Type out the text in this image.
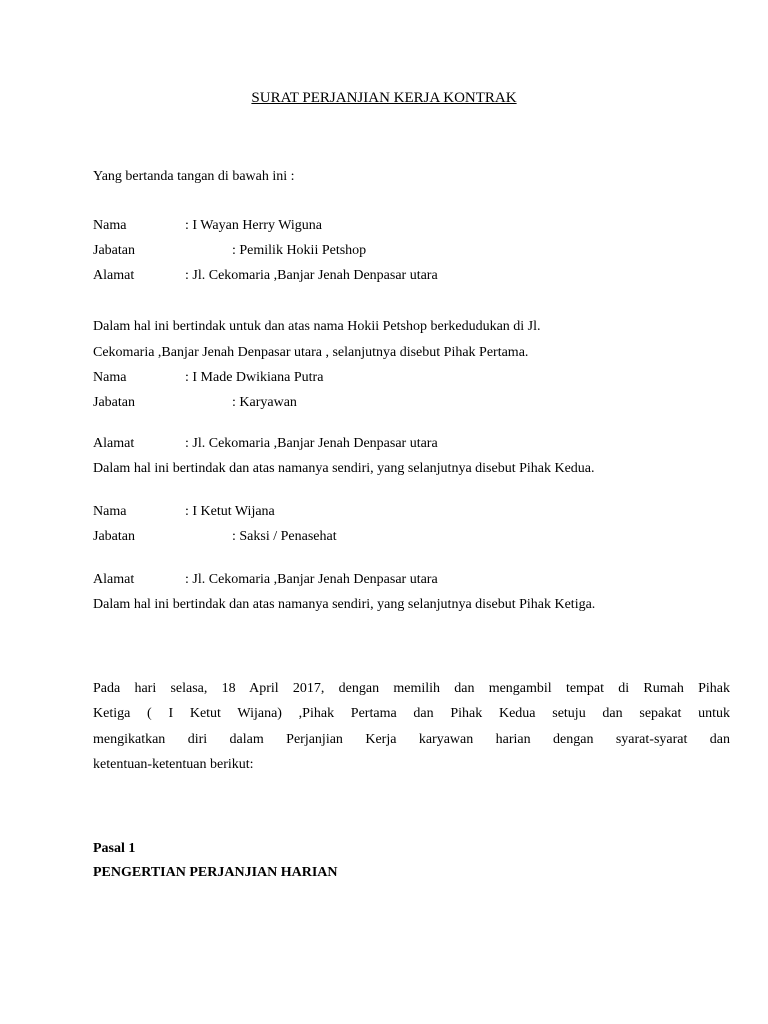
SURAT PERJANJIAN KERJA KONTRAK
Yang bertanda tangan di bawah ini :
Nama	: I Wayan Herry Wiguna
Jabatan	: Pemilik Hokii Petshop
Alamat	: Jl. Cekomaria ,Banjar Jenah Denpasar utara
Dalam hal ini bertindak untuk dan atas nama Hokii Petshop berkedudukan di Jl.
Cekomaria ,Banjar Jenah Denpasar utara , selanjutnya disebut Pihak Pertama.
Nama	: I Made Dwikiana Putra
Jabatan	: Karyawan
Alamat	: Jl. Cekomaria ,Banjar Jenah Denpasar utara
Dalam hal ini bertindak dan atas namanya sendiri, yang selanjutnya disebut Pihak Kedua.
Nama	: I Ketut Wijana
Jabatan	: Saksi / Penasehat
Alamat	: Jl. Cekomaria ,Banjar Jenah Denpasar utara
Dalam hal ini bertindak dan atas namanya sendiri, yang selanjutnya disebut Pihak Ketiga.
Pada hari selasa, 18 April 2017, dengan memilih dan mengambil tempat di Rumah Pihak
Ketiga ( I Ketut Wijana) ,Pihak Pertama dan Pihak Kedua setuju dan sepakat untuk
mengikatkan diri dalam Perjanjian Kerja karyawan harian dengan syarat-syarat dan
ketentuan-ketentuan berikut:
Pasal 1
PENGERTIAN PERJANJIAN HARIAN
